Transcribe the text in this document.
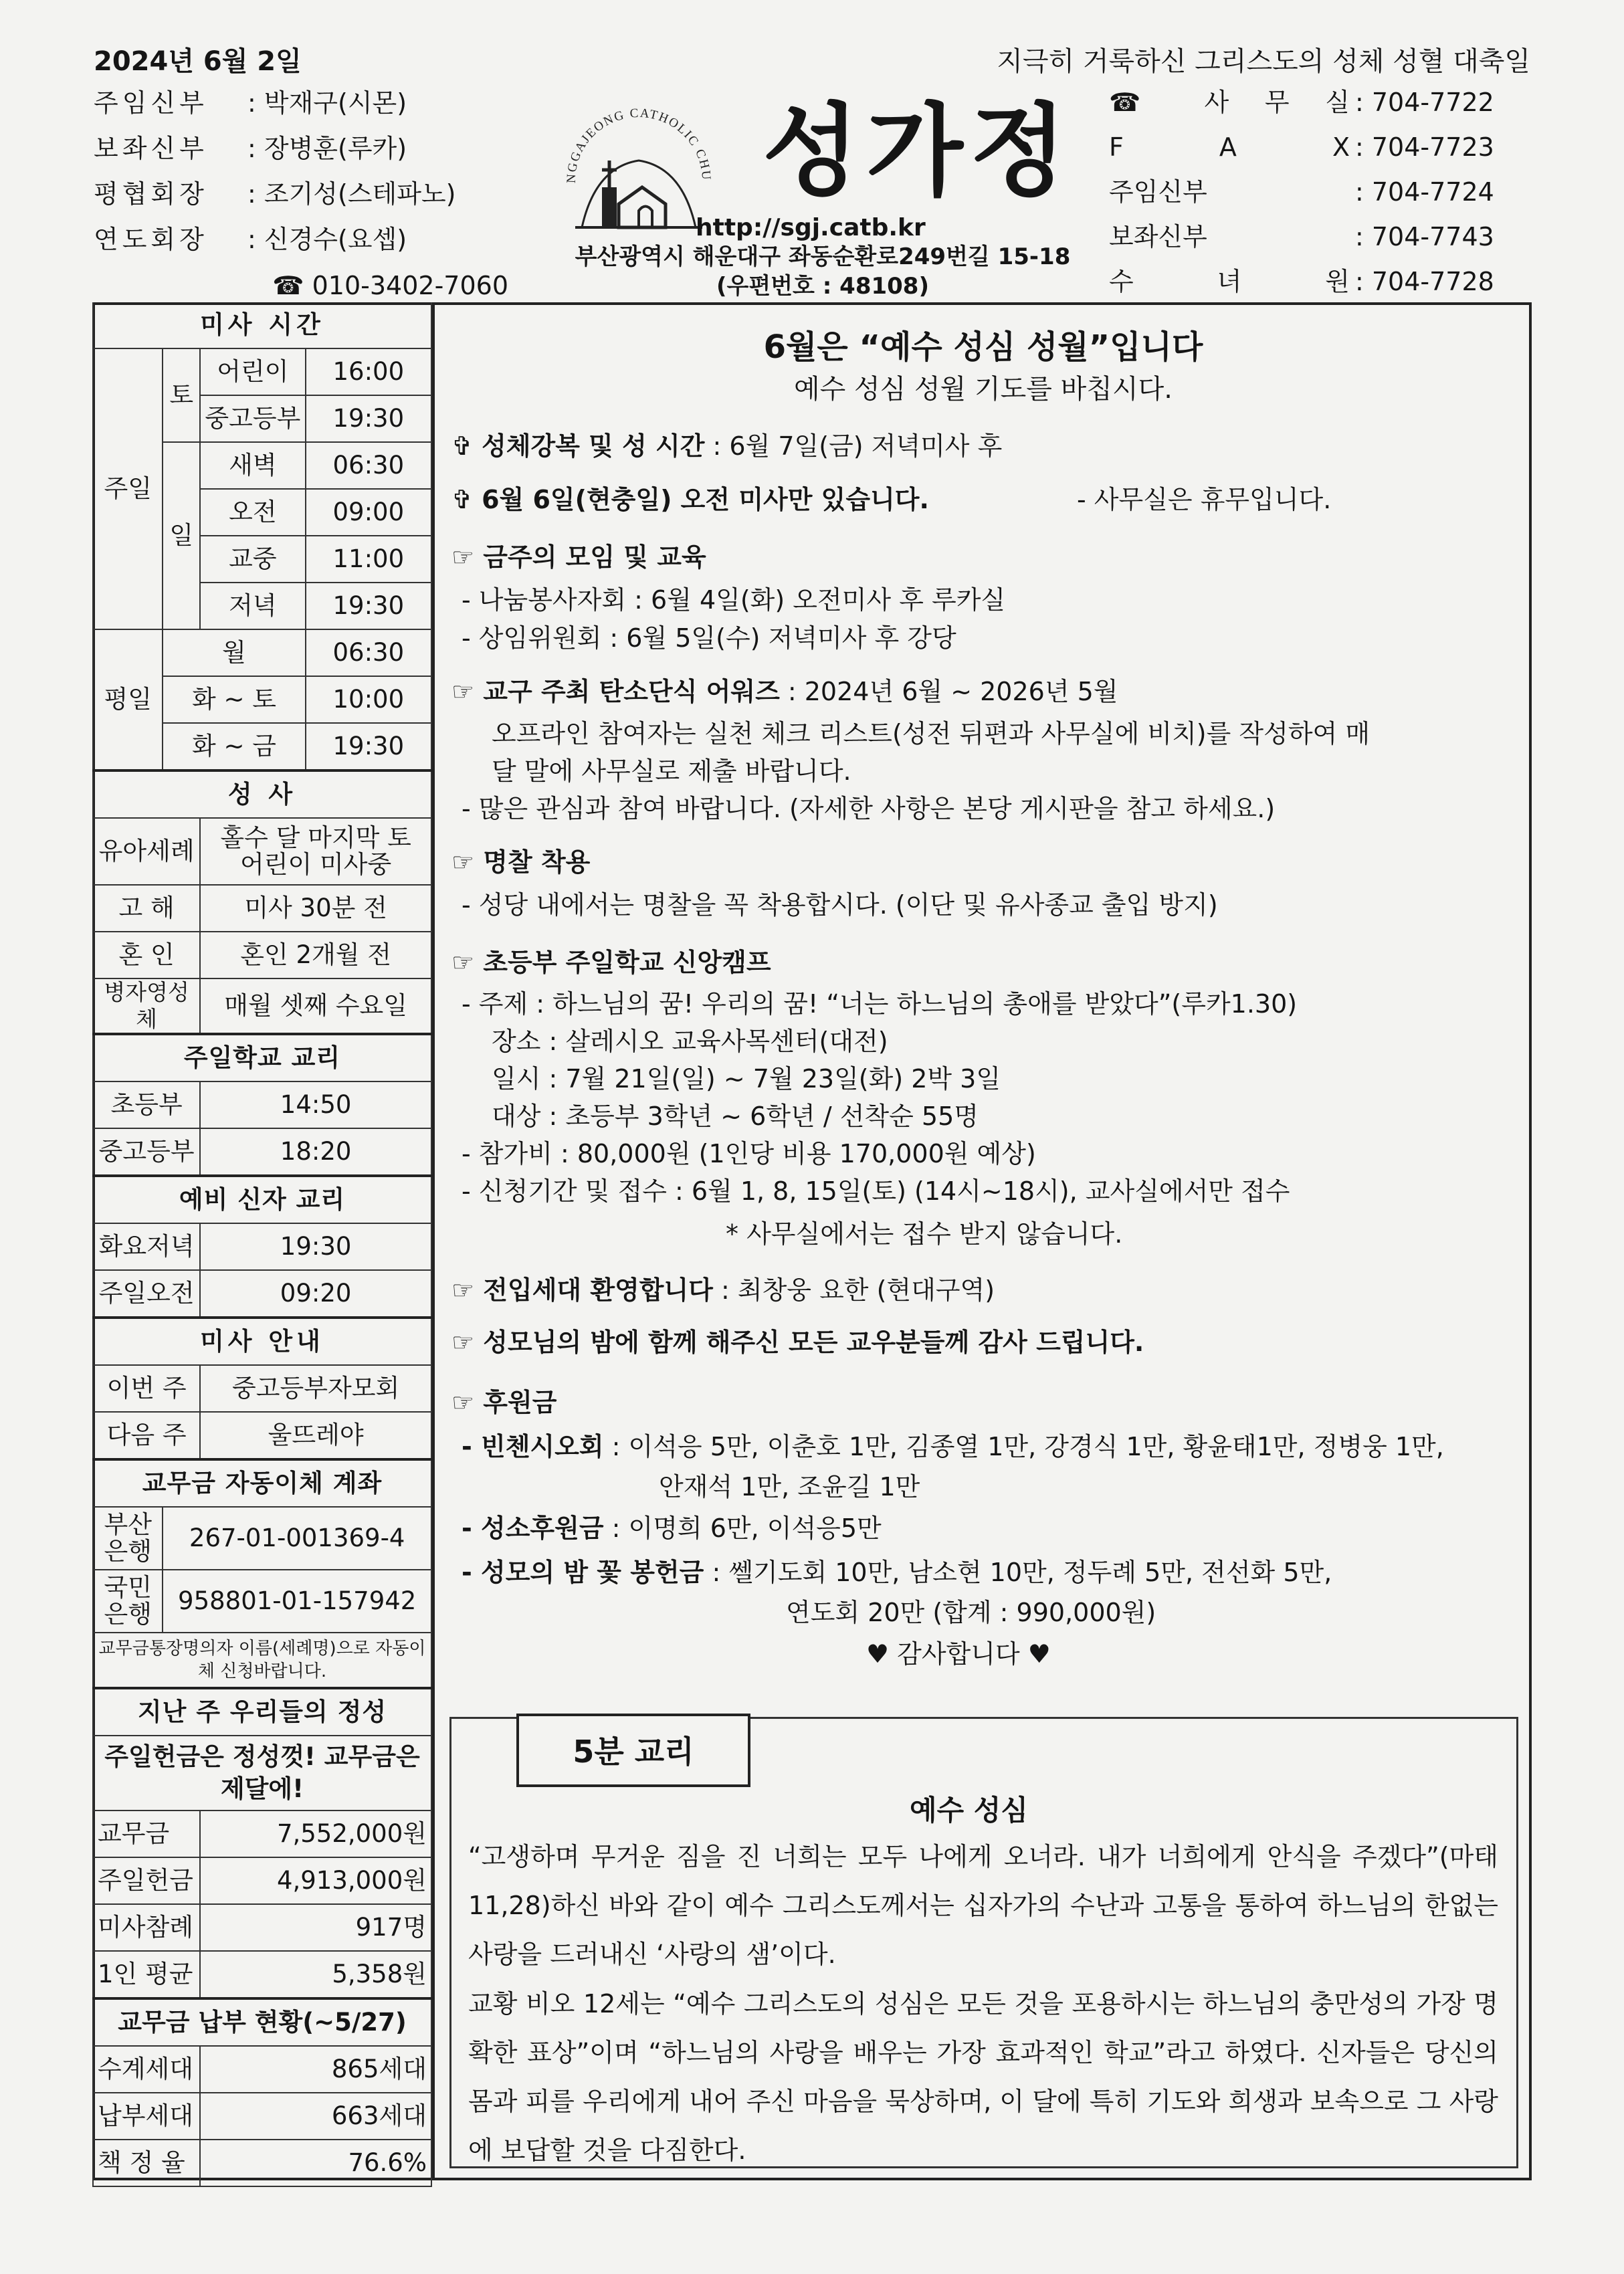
2024년 6월 2일	지극히 거룩하신 그리스도의 성체 성혈 대축일
주임신부 : 박재구(시몬)
보좌신부 : 장병훈(루카)
평협회장 : 조기성(스테파노)
연도회장 : 신경수(요셉)
☎ 010-3402-7060
NGGAJEONG CATHOLIC CHU 성가정
http://sgj.catb.kr
부산광역시 해운대구 좌동순환로249번길 15-18
(우편번호 : 48108)
☎ 사 무 실 : 704-7722
F A X : 704-7723
주임신부	: 704-7724
보좌신부	: 704-7743
수 녀 원 : 704-7728
미사 시간			
주일	토	어린이	16:00
		중고등부	19:30
	일	새벽	06:30
		오전	09:00
		교중	11:00
		저녁	19:30
평일	월		06:30
	화 ~ 토		10:00
	화 ~ 금		19:30
성 사			
유아세례		홀수 달 마지막 토 어린이 미사중	
고 해		미사 30분 전	
혼 인		혼인 2개월 전	
병자영성체		매월 셋째 수요일	
주일학교 교리			
초등부		14:50	
중고등부		18:20	
예비 신자 교리			
화요저녁		19:30	
주일오전		09:20	
미사 안내			
이번 주		중고등부자모회	
다음 주		울뜨레야	
교무금 자동이체 계좌			
부산 은행	267-01-001369-4		
국민 은행	958801-01-157942		
교무금통장명의자 이름(세례명)으로 자동이체 신청바랍니다.			
지난 주 우리들의 정성			
주일헌금은 정성껏! 교무금은 제달에!			
교무금		7,552,000원	
주일헌금		4,913,000원	
미사참례		917명	
1인 평균		5,358원	
교무금 납부 현황(~5/27)			
수계세대		865세대	
납부세대		663세대	
책 정 율		76.6%	
6월은 “예수 성심 성월”입니다
예수 성심 성월 기도를 바칩시다.
✞ 성체강복 및 성 시간 : 6월 7일(금) 저녁미사 후
✞ 6월 6일(현충일) 오전 미사만 있습니다.	- 사무실은 휴무입니다.
☞ 금주의 모임 및 교육
- 나눔봉사자회 : 6월 4일(화) 오전미사 후 루카실
- 상임위원회 : 6월 5일(수) 저녁미사 후 강당
☞ 교구 주최 탄소단식 어워즈 : 2024년 6월 ~ 2026년 5월
오프라인 참여자는 실천 체크 리스트(성전 뒤편과 사무실에 비치)를 작성하여 매
달 말에 사무실로 제출 바랍니다.
- 많은 관심과 참여 바랍니다. (자세한 사항은 본당 게시판을 참고 하세요.)
☞ 명찰 착용
- 성당 내에서는 명찰을 꼭 착용합시다. (이단 및 유사종교 출입 방지)
☞ 초등부 주일학교 신앙캠프
- 주제 : 하느님의 꿈! 우리의 꿈! “너는 하느님의 총애를 받았다”(루카1.30)
장소 : 살레시오 교육사목센터(대전)
일시 : 7월 21일(일) ~ 7월 23일(화) 2박 3일
대상 : 초등부 3학년 ~ 6학년 / 선착순 55명
- 참가비 : 80,000원 (1인당 비용 170,000원 예상)
- 신청기간 및 접수 : 6월 1, 8, 15일(토) (14시~18시), 교사실에서만 접수
* 사무실에서는 접수 받지 않습니다.
☞ 전입세대 환영합니다 : 최창웅 요한 (현대구역)
☞ 성모님의 밤에 함께 해주신 모든 교우분들께 감사 드립니다.
☞ 후원금
- 빈첸시오회 : 이석응 5만, 이춘호 1만, 김종열 1만, 강경식 1만, 황윤태1만, 정병웅 1만,
안재석 1만, 조윤길 1만
- 성소후원금 : 이명희 6만, 이석응5만
- 성모의 밤 꽃 봉헌금 : 쎌기도회 10만, 남소현 10만, 정두례 5만, 전선화 5만,
연도회 20만 (합계 : 990,000원)
♥ 감사합니다 ♥
5분 교리
예수 성심
“고생하며 무거운 짐을 진 너희는 모두 나에게 오너라. 내가 너희에게 안식을 주겠다”(마태11,28)하신 바와 같이 예수 그리스도께서는 십자가의 수난과 고통을 통하여 하느님의 한없는 사랑을 드러내신 ‘사랑의 샘’이다.
교황 비오 12세는 “예수 그리스도의 성심은 모든 것을 포용하시는 하느님의 충만성의 가장 명확한 표상”이며 “하느님의 사랑을 배우는 가장 효과적인 학교”라고 하였다. 신자들은 당신의 몸과 피를 우리에게 내어 주신 마음을 묵상하며, 이 달에 특히 기도와 희생과 보속으로 그 사랑에 보답할 것을 다짐한다.
